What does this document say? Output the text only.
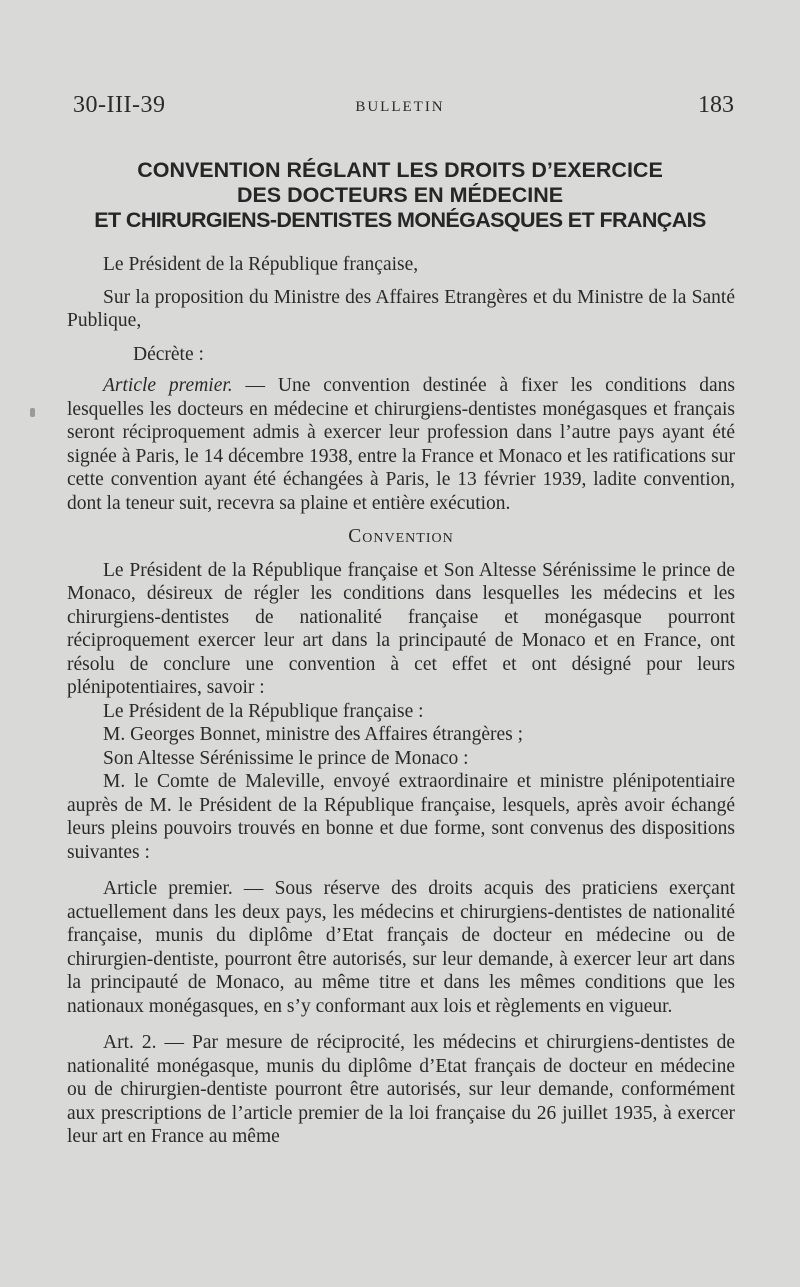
30-III-39	BULLETIN	183
CONVENTION RÉGLANT LES DROITS D’EXERCICE
DES DOCTEURS EN MÉDECINE
ET CHIRURGIENS-DENTISTES MONÉGASQUES ET FRANÇAIS

Le Président de la République française,

Sur la proposition du Ministre des Affaires Etrangères et du Ministre de la Santé Publique,

Décrète :

Article premier. — Une convention destinée à fixer les conditions dans lesquelles les docteurs en médecine et chirurgiens-dentistes monégasques et français seront réciproquement admis à exercer leur profession dans l’autre pays ayant été signée à Paris, le 14 décembre 1938, entre la France et Monaco et les ratifications sur cette convention ayant été échangées à Paris, le 13 février 1939, ladite convention, dont la teneur suit, recevra sa plaine et entière exécution.

Convention

Le Président de la République française et Son Altesse Sérénissime le prince de Monaco, désireux de régler les conditions dans lesquelles les médecins et les chirurgiens-dentistes de nationalité française et monégasque pourront réciproquement exercer leur art dans la principauté de Monaco et en France, ont résolu de conclure une convention à cet effet et ont désigné pour leurs plénipotentiaires, savoir :

Le Président de la République française :

M. Georges Bonnet, ministre des Affaires étrangères ;

Son Altesse Sérénissime le prince de Monaco :

M. le Comte de Maleville, envoyé extraordinaire et ministre plénipotentiaire auprès de M. le Président de la République française, lesquels, après avoir échangé leurs pleins pouvoirs trouvés en bonne et due forme, sont convenus des dispositions suivantes :

Article premier. — Sous réserve des droits acquis des praticiens exerçant actuellement dans les deux pays, les médecins et chirurgiens-dentistes de nationalité française, munis du diplôme d’Etat français de docteur en médecine ou de chirurgien-dentiste, pourront être autorisés, sur leur demande, à exercer leur art dans la principauté de Monaco, au même titre et dans les mêmes conditions que les nationaux monégasques, en s’y conformant aux lois et règlements en vigueur.

Art. 2. — Par mesure de réciprocité, les médecins et chirurgiens-dentistes de nationalité monégasque, munis du diplôme d’Etat français de docteur en médecine ou de chirurgien-dentiste pourront être autorisés, sur leur demande, conformément aux prescriptions de l’article premier de la loi française du 26 juillet 1935, à exercer leur art en France au même
